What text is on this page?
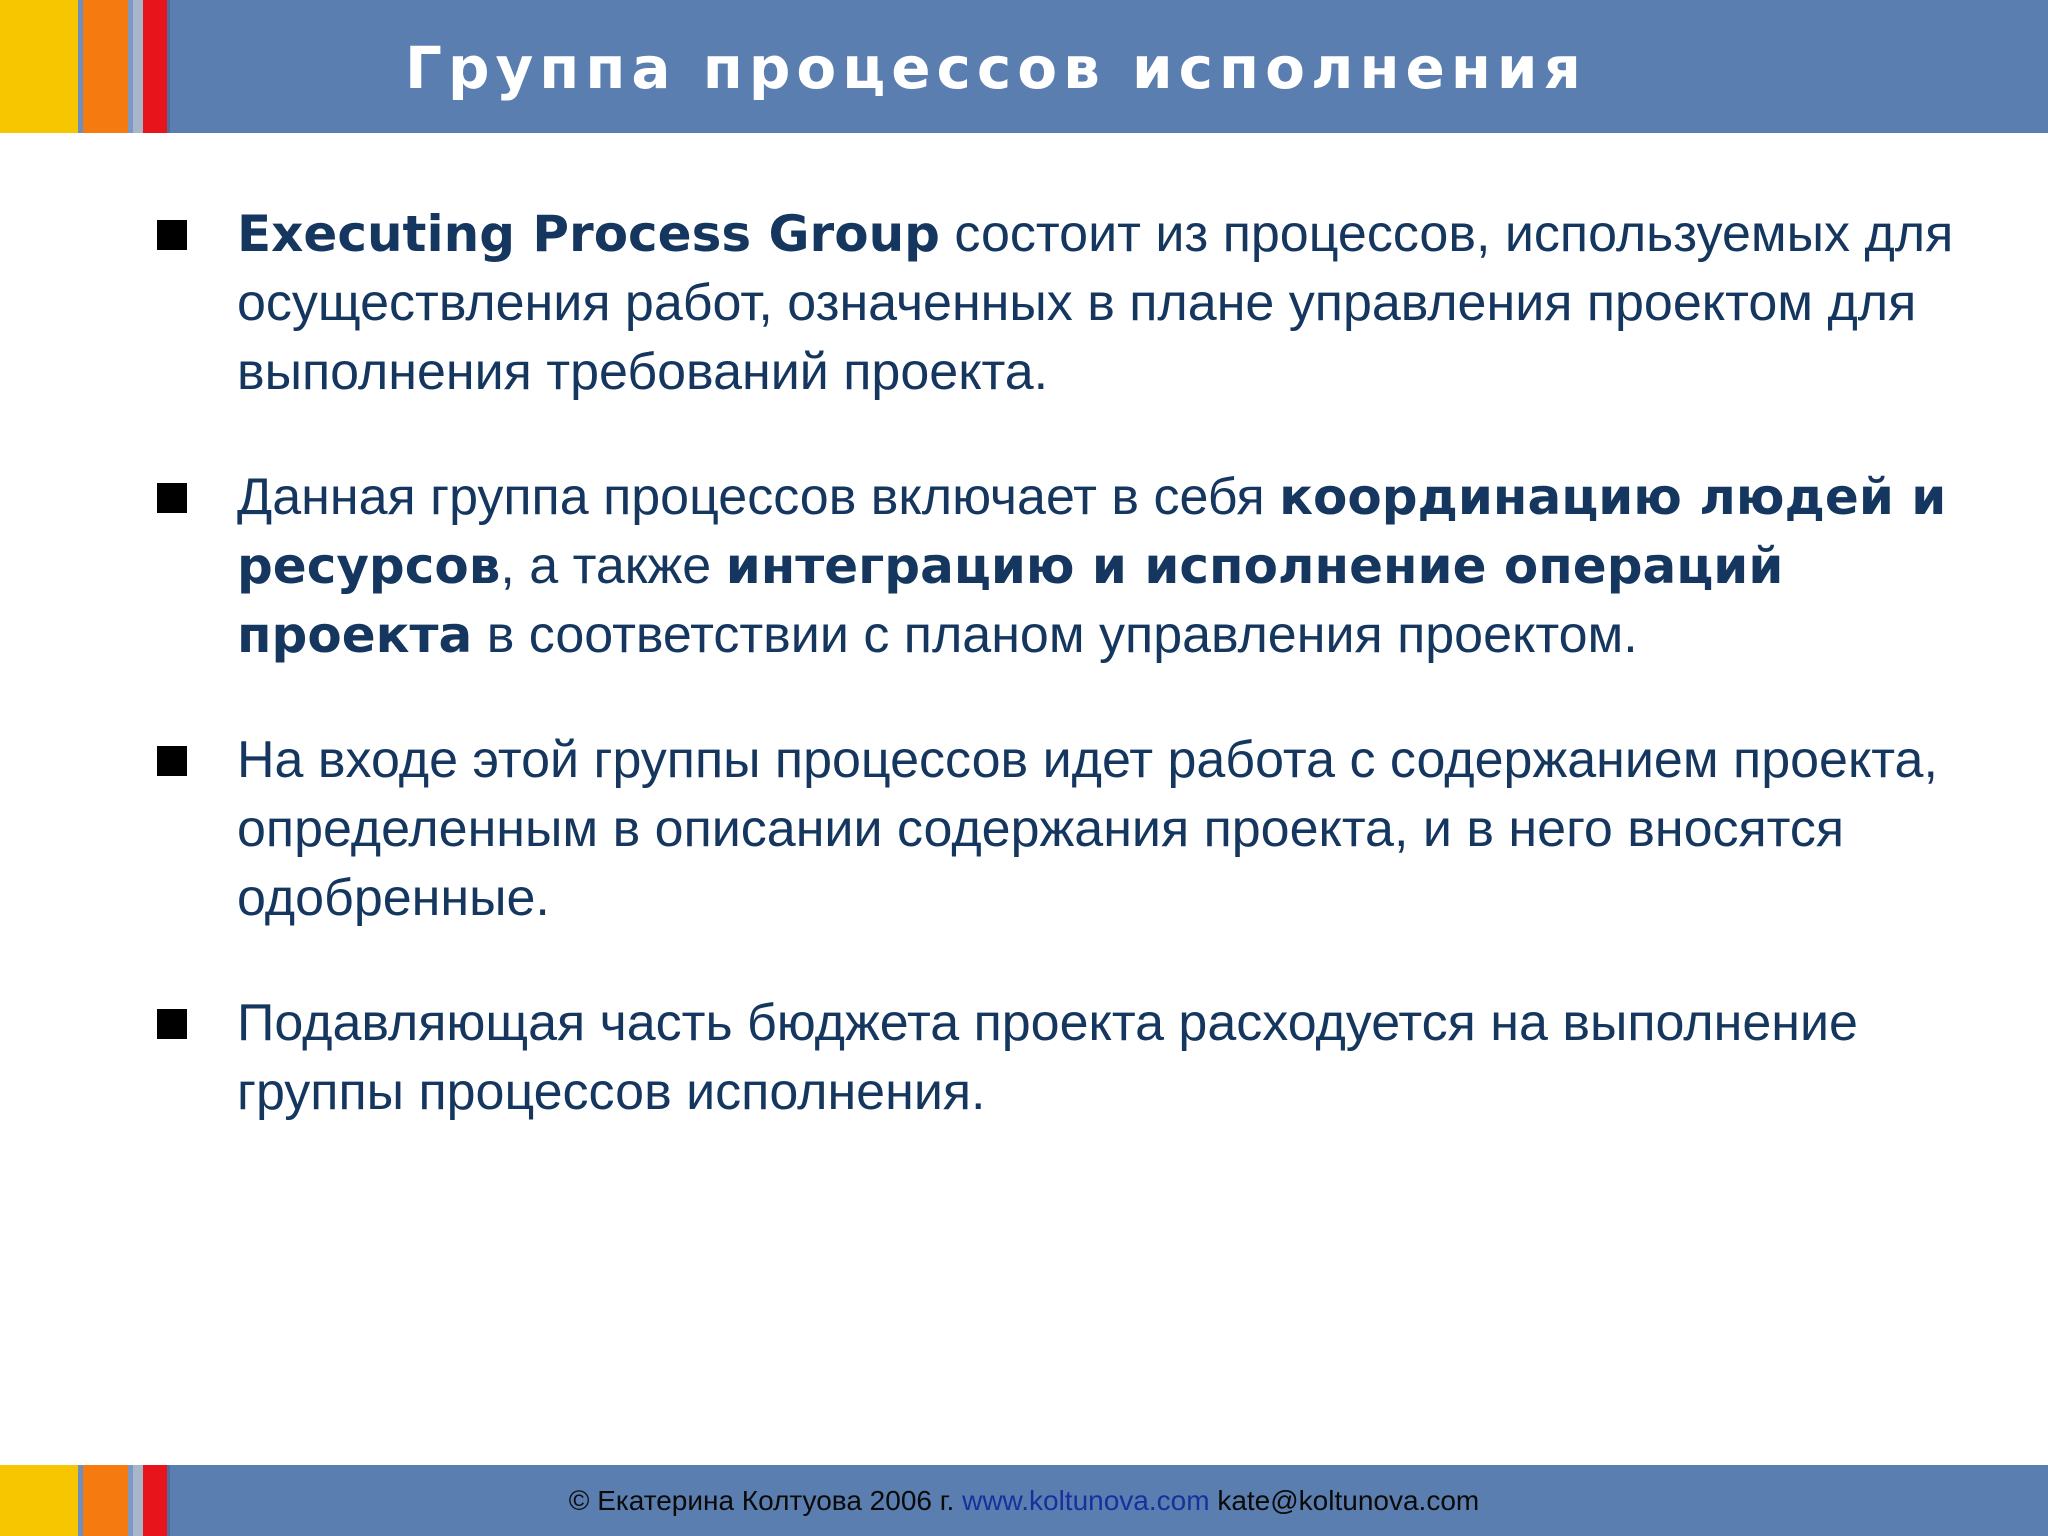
Группа процессов исполнения
Executing Process Group состоит из процессов, используемых для осуществления работ, означенных в плане управления проектом для выполнения требований проекта.
Данная группа процессов включает в себя координацию людей и ресурсов, а также интеграцию и исполнение операций проекта в соответствии с планом управления проектом.
На входе этой группы процессов идет работа с содержанием проекта, определенным в описании содержания проекта, и в него вносятся одобренные.
Подавляющая часть бюджета проекта расходуется на выполнение группы процессов исполнения.
© Екатерина Колтуова 2006 г. www.koltunova.com kate@koltunova.com
